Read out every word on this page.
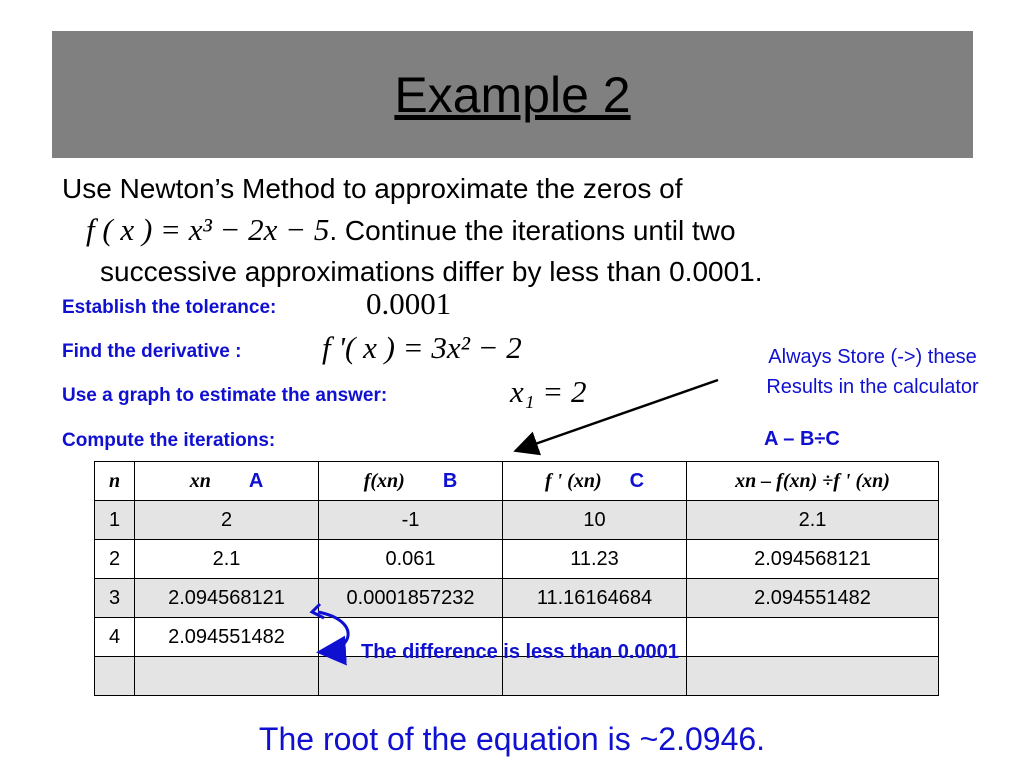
Example 2
Use Newton’s Method to approximate the zeros of
f ( x ) = x³ − 2x − 5. Continue the iterations until two
successive approximations differ by less than 0.0001.
Establish the tolerance:	0.0001
Find the derivative :	f '( x ) = 3x² − 2
Use a graph to estimate the answer:	x₁ = 2
Compute the iterations:
Always Store (->) these
Results in the calculator
A – B÷C
n	xn A	f(xn) B	f ' (xn) C	xn – f(xn) ÷f ' (xn)
1	2	-1	10	2.1
2	2.1	0.061	11.23	2.094568121
3	2.094568121	0.0001857232	11.16164684	2.094551482
4	2.094551482			

The difference is less than 0.0001
The root of the equation is ~2.0946.
